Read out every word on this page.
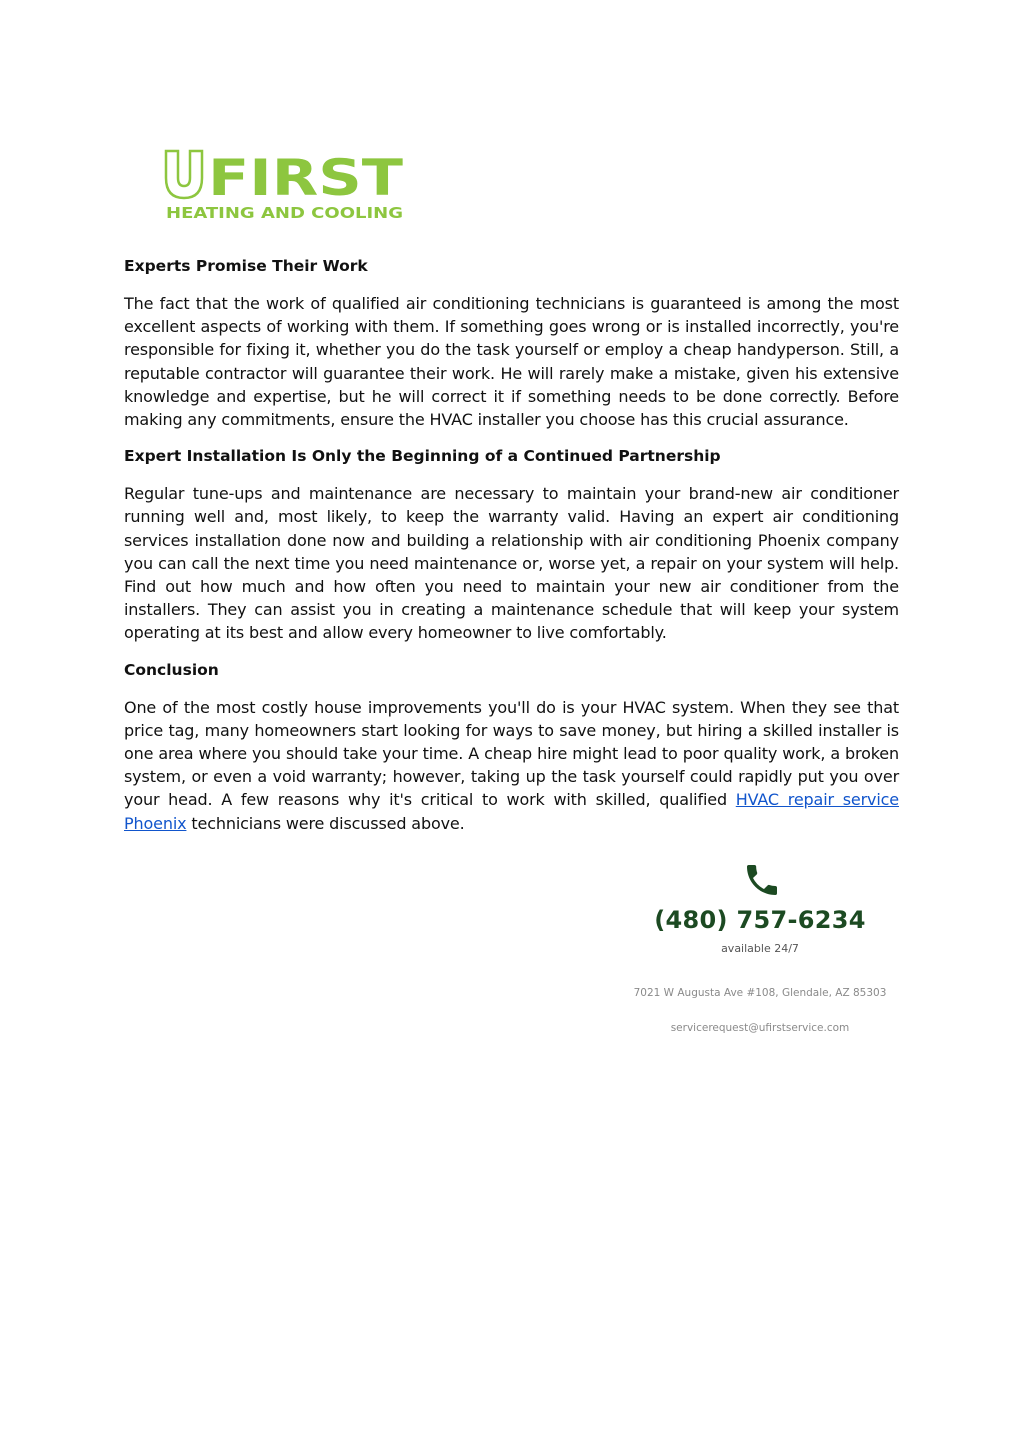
FIRST
HEATING AND COOLING
Experts Promise Their Work

The fact that the work of qualified air conditioning technicians is guaranteed is among the most excellent aspects of working with them. If something goes wrong or is installed incorrectly, you're responsible for fixing it, whether you do the task yourself or employ a cheap handyperson. Still, a reputable contractor will guarantee their work. He will rarely make a mistake, given his extensive knowledge and expertise, but he will correct it if something needs to be done correctly. Before making any commitments, ensure the HVAC installer you choose has this crucial assurance.

Expert Installation Is Only the Beginning of a Continued Partnership

Regular tune-ups and maintenance are necessary to maintain your brand-new air conditioner running well and, most likely, to keep the warranty valid. Having an expert air conditioning services installation done now and building a relationship with air conditioning Phoenix company you can call the next time you need maintenance or, worse yet, a repair on your system will help. Find out how much and how often you need to maintain your new air conditioner from the installers. They can assist you in creating a maintenance schedule that will keep your system operating at its best and allow every homeowner to live comfortably.

Conclusion

One of the most costly house improvements you'll do is your HVAC system. When they see that price tag, many homeowners start looking for ways to save money, but hiring a skilled installer is one area where you should take your time. A cheap hire might lead to poor quality work, a broken system, or even a void warranty; however, taking up the task yourself could rapidly put you over your head. A few reasons why it's critical to work with skilled, qualified HVAC repair service Phoenix technicians were discussed above.

(480) 757-6234
available 24/7
7021 W Augusta Ave #108, Glendale, AZ 85303
servicerequest@ufirstservice.com
